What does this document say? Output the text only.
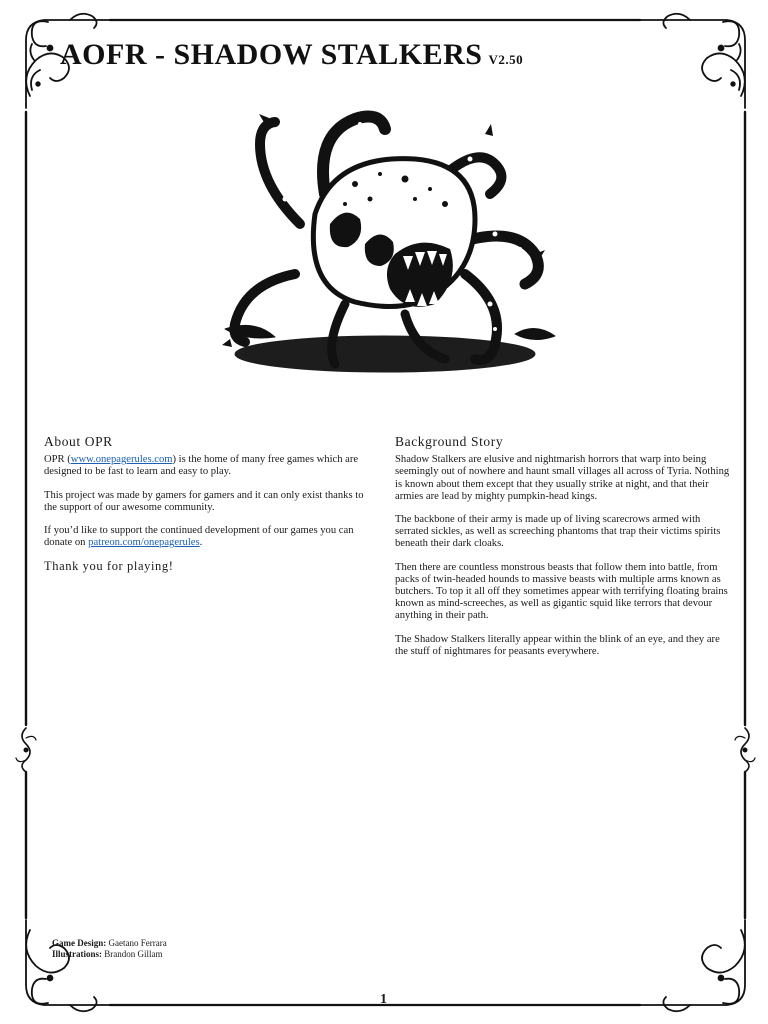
AOFR - SHADOW STALKERS V2.50
About OPR

OPR (www.onepagerules.com) is the home of many free games which are designed to be fast to learn and easy to play.

This project was made by gamers for gamers and it can only exist thanks to the support of our awesome community.

If you’d like to support the continued development of our games you can donate on patreon.com/onepagerules.

Thank you for playing!

Background Story

Shadow Stalkers are elusive and nightmarish horrors that warp into being seemingly out of nowhere and haunt small villages all across of Tyria. Nothing is known about them except that they usually strike at night, and that their armies are lead by mighty pumpkin-head kings.

The backbone of their army is made up of living scarecrows armed with serrated sickles, as well as screeching phantoms that trap their victims spirits beneath their dark cloaks.

Then there are countless monstrous beasts that follow them into battle, from packs of twin-headed hounds to massive beasts with multiple arms known as butchers. To top it all off they sometimes appear with terrifying floating brains known as mind-screeches, as well as gigantic squid like terrors that devour anything in their path.

The Shadow Stalkers literally appear within the blink of an eye, and they are the stuff of nightmares for peasants everywhere.

Game Design: Gaetano Ferrara
Illustrations: Brandon Gillam
1
